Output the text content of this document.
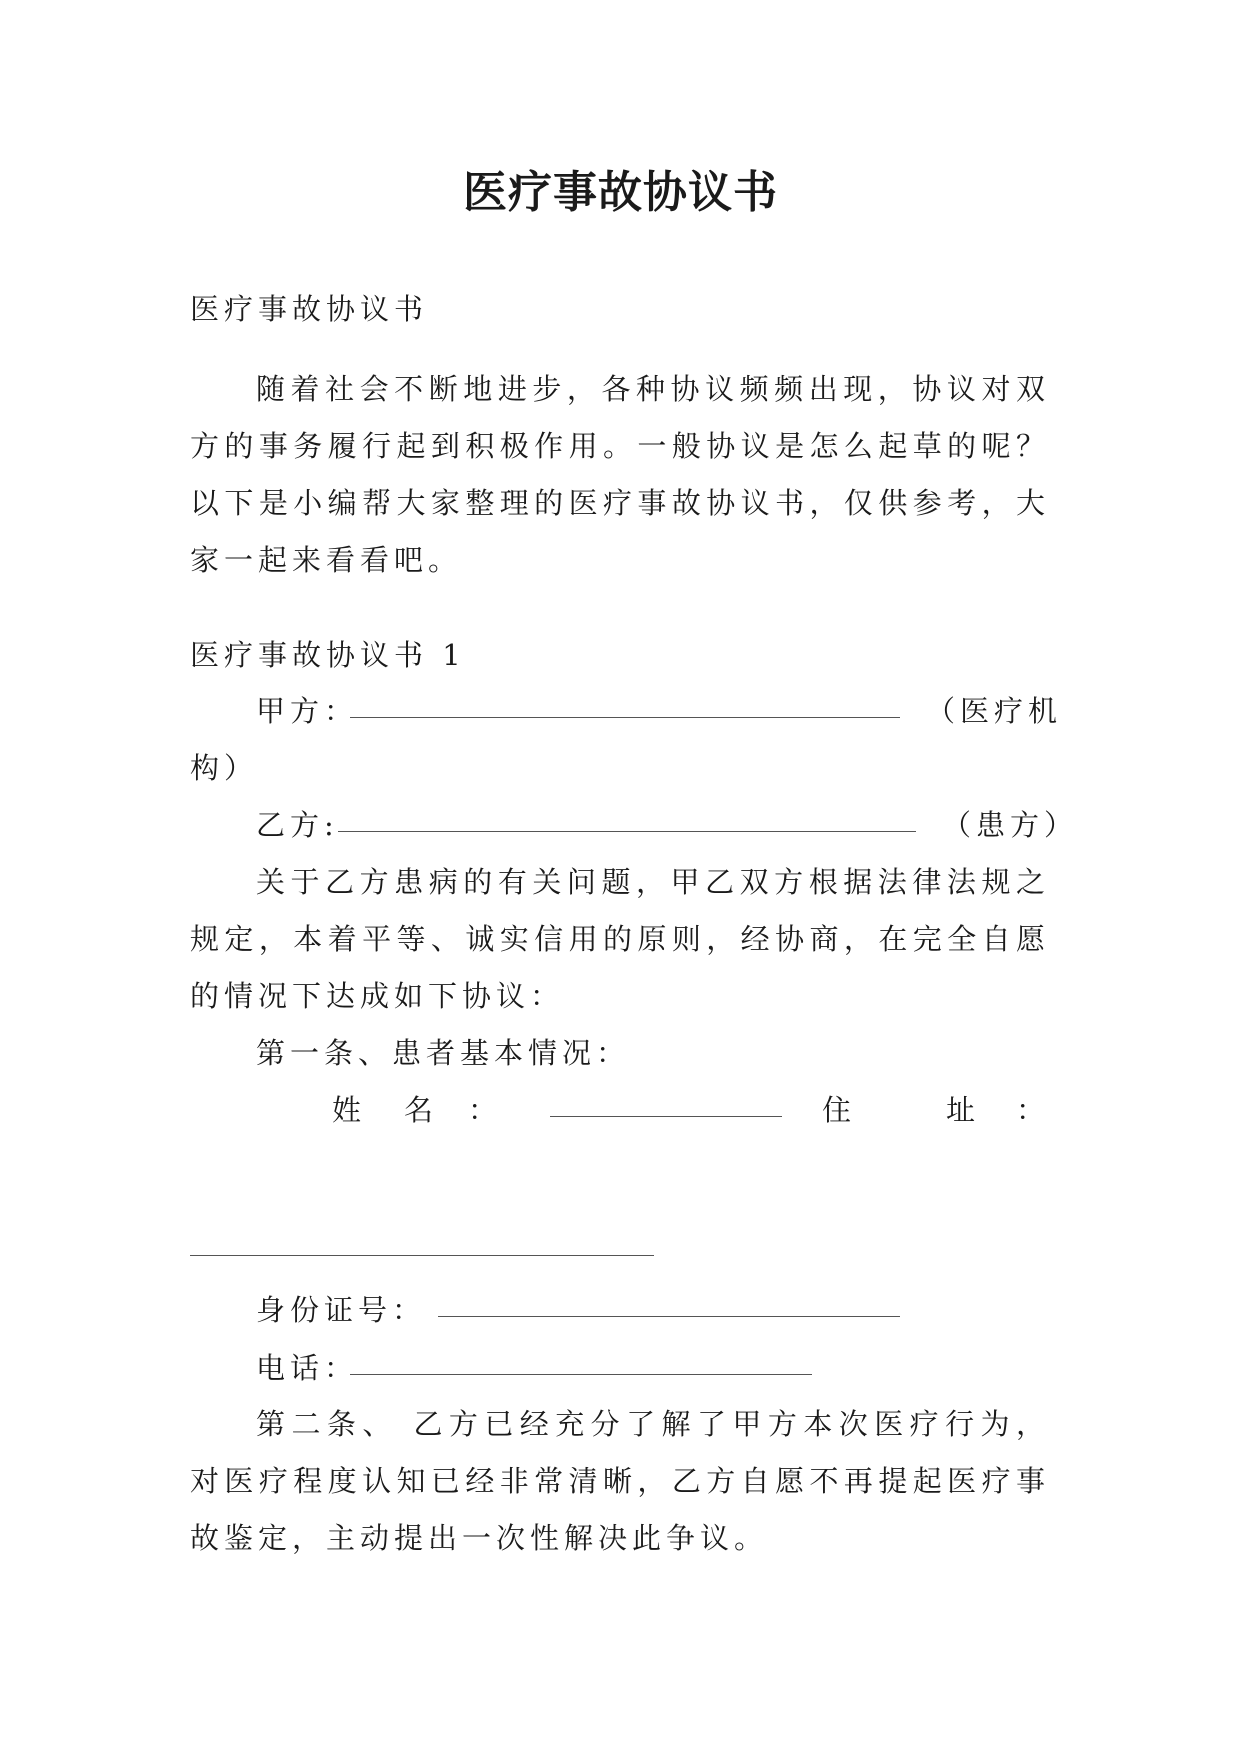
医疗事故协议书

医疗事故协议书

随着社会不断地进步，各种协议频频出现，协议对双方的事务履行起到积极作用。一般协议是怎么起草的呢？以下是小编帮大家整理的医疗事故协议书，仅供参考，大家一起来看看吧。

医疗事故协议书 1

甲方：	（医疗机

构）

乙方:	（患方）

关于乙方患病的有关问题，甲乙双方根据法律法规之规定，本着平等、诚实信用的原则，经协商，在完全自愿的情况下达成如下协议：

第一条、患者基本情况：

姓 名 ：	住	址 ：
身份证号：
电话：

第二条、 乙方已经充分了解了甲方本次医疗行为，对医疗程度认知已经非常清晰，乙方自愿不再提起医疗事故鉴定，主动提出一次性解决此争议。
